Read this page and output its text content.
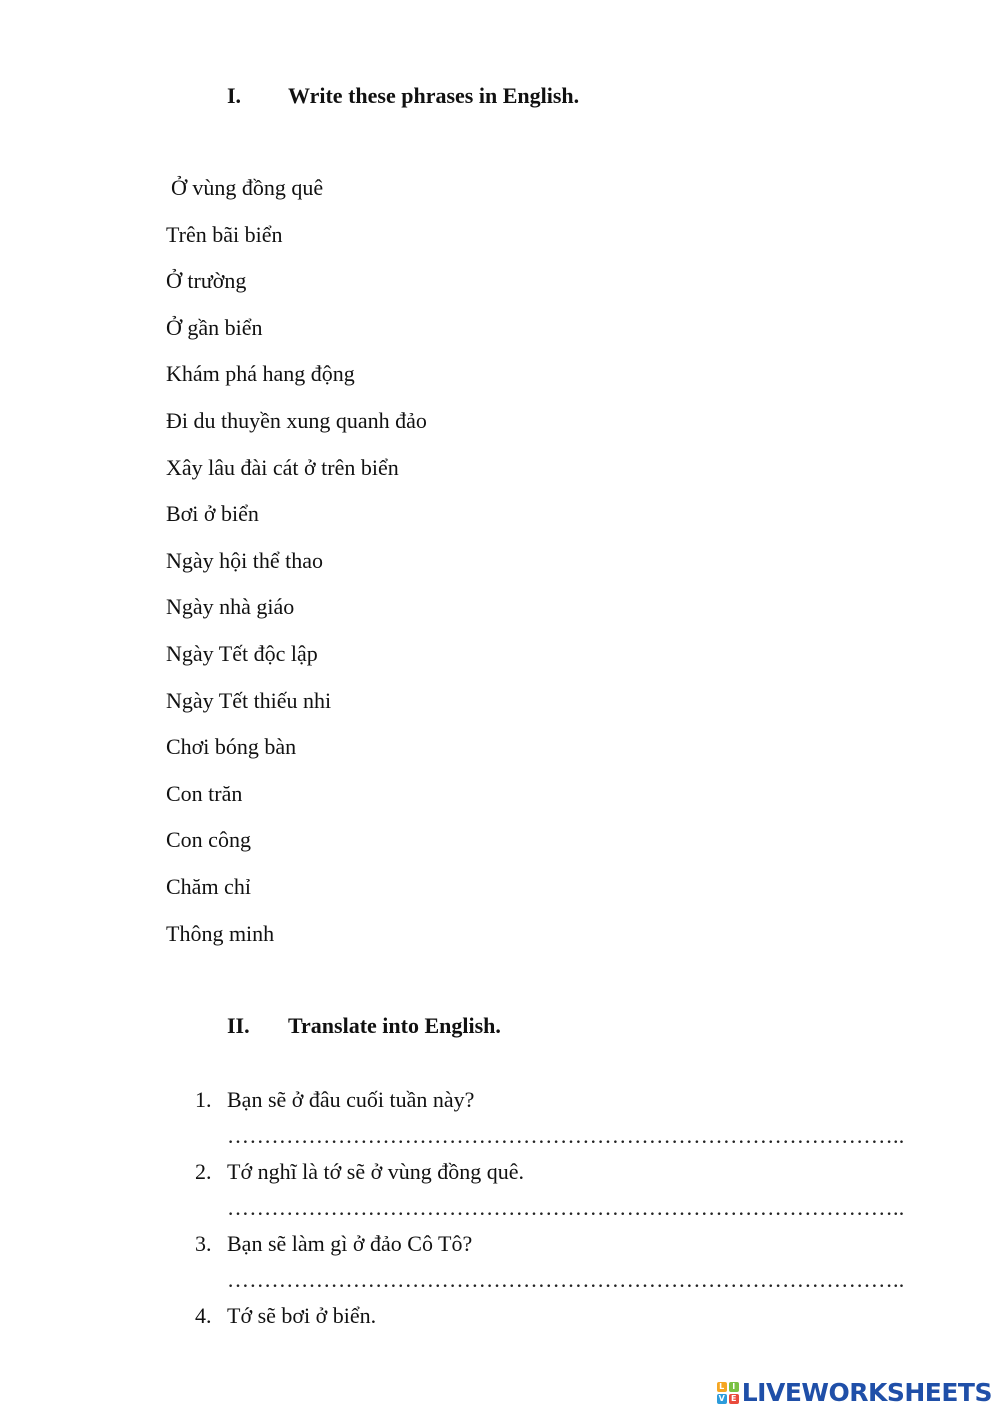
I. Write these phrases in English.
Ở vùng đồng quê
Trên bãi biển
Ở trường
Ở gần biển
Khám phá hang động
Đi du thuyền xung quanh đảo
Xây lâu đài cát ở trên biển
Bơi ở biển
Ngày hội thể thao
Ngày nhà giáo
Ngày Tết độc lập
Ngày Tết thiếu nhi
Chơi bóng bàn
Con trăn
Con công
Chăm chỉ
Thông minh
II. Translate into English.
1. Bạn sẽ ở đâu cuối tuần này?
………………………………………………………………………………..
2. Tớ nghĩ là tớ sẽ ở vùng đồng quê.
………………………………………………………………………………..
3. Bạn sẽ làm gì ở đảo Cô Tô?
………………………………………………………………………………..
4. Tớ sẽ bơi ở biển.
L I
V E LIVEWORKSHEETS
